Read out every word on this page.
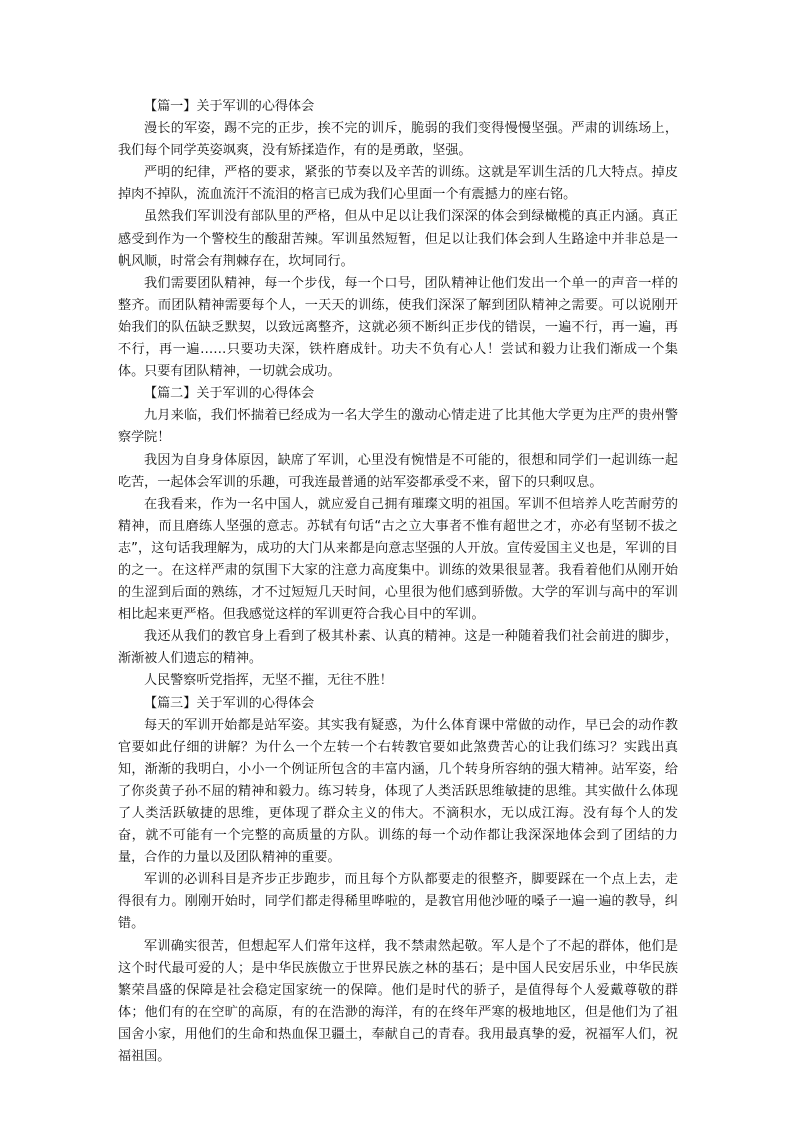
【篇一】关于军训的心得体会

漫长的军姿，踢不完的正步，挨不完的训斥，脆弱的我们变得慢慢坚强。严肃的训练场上，我们每个同学英姿飒爽，没有矫揉造作，有的是勇敢，坚强。

严明的纪律，严格的要求，紧张的节奏以及辛苦的训练。这就是军训生活的几大特点。掉皮掉肉不掉队，流血流汗不流泪的格言已成为我们心里面一个有震撼力的座右铭。

虽然我们军训没有部队里的严格，但从中足以让我们深深的体会到绿橄榄的真正内涵。真正感受到作为一个警校生的酸甜苦辣。军训虽然短暂，但足以让我们体会到人生路途中并非总是一帆风顺，时常会有荆棘存在，坎坷同行。

我们需要团队精神，每一个步伐，每一个口号，团队精神让他们发出一个单一的声音一样的整齐。而团队精神需要每个人，一天天的训练，使我们深深了解到团队精神之需要。可以说刚开始我们的队伍缺乏默契，以致远离整齐，这就必须不断纠正步伐的错误，一遍不行，再一遍，再不行，再一遍……只要功夫深，铁杵磨成针。功夫不负有心人！尝试和毅力让我们渐成一个集体。只要有团队精神，一切就会成功。

【篇二】关于军训的心得体会

九月来临，我们怀揣着已经成为一名大学生的激动心情走进了比其他大学更为庄严的贵州警察学院！

我因为自身身体原因，缺席了军训，心里没有惋惜是不可能的，很想和同学们一起训练一起吃苦，一起体会军训的乐趣，可我连最普通的站军姿都承受不来，留下的只剩叹息。

在我看来，作为一名中国人，就应爱自己拥有璀璨文明的祖国。军训不但培养人吃苦耐劳的精神，而且磨练人坚强的意志。苏轼有句话“古之立大事者不惟有超世之才，亦必有坚韧不拔之志”，这句话我理解为，成功的大门从来都是向意志坚强的人开放。宣传爱国主义也是，军训的目的之一。在这样严肃的氛围下大家的注意力高度集中。训练的效果很显著。我看着他们从刚开始的生涩到后面的熟练，才不过短短几天时间，心里很为他们感到骄傲。大学的军训与高中的军训相比起来更严格。但我感觉这样的军训更符合我心目中的军训。

我还从我们的教官身上看到了极其朴素、认真的精神。这是一种随着我们社会前进的脚步，渐渐被人们遗忘的精神。

人民警察听党指挥，无坚不摧，无往不胜！

【篇三】关于军训的心得体会

每天的军训开始都是站军姿。其实我有疑惑，为什么体育课中常做的动作，早已会的动作教官要如此仔细的讲解？为什么一个左转一个右转教官要如此煞费苦心的让我们练习？实践出真知，渐渐的我明白，小小一个例证所包含的丰富内涵，几个转身所容纳的强大精神。站军姿，给了你炎黄子孙不屈的精神和毅力。练习转身，体现了人类活跃思维敏捷的思维。其实做什么体现了人类活跃敏捷的思维，更体现了群众主义的伟大。不滴积水，无以成江海。没有每个人的发奋，就不可能有一个完整的高质量的方队。训练的每一个动作都让我深深地体会到了团结的力量，合作的力量以及团队精神的重要。

军训的必训科目是齐步正步跑步，而且每个方队都要走的很整齐，脚要踩在一个点上去，走得很有力。刚刚开始时，同学们都走得稀里哗啦的，是教官用他沙哑的嗓子一遍一遍的教导，纠错。

军训确实很苦，但想起军人们常年这样，我不禁肃然起敬。军人是个了不起的群体，他们是这个时代最可爱的人；是中华民族傲立于世界民族之林的基石；是中国人民安居乐业，中华民族繁荣昌盛的保障是社会稳定国家统一的保障。他们是时代的骄子，是值得每个人爱戴尊敬的群体；他们有的在空旷的高原，有的在浩渺的海洋，有的在终年严寒的极地地区，但是他们为了祖国舍小家，用他们的生命和热血保卫疆土，奉献自己的青春。我用最真挚的爱，祝福军人们，祝福祖国。
